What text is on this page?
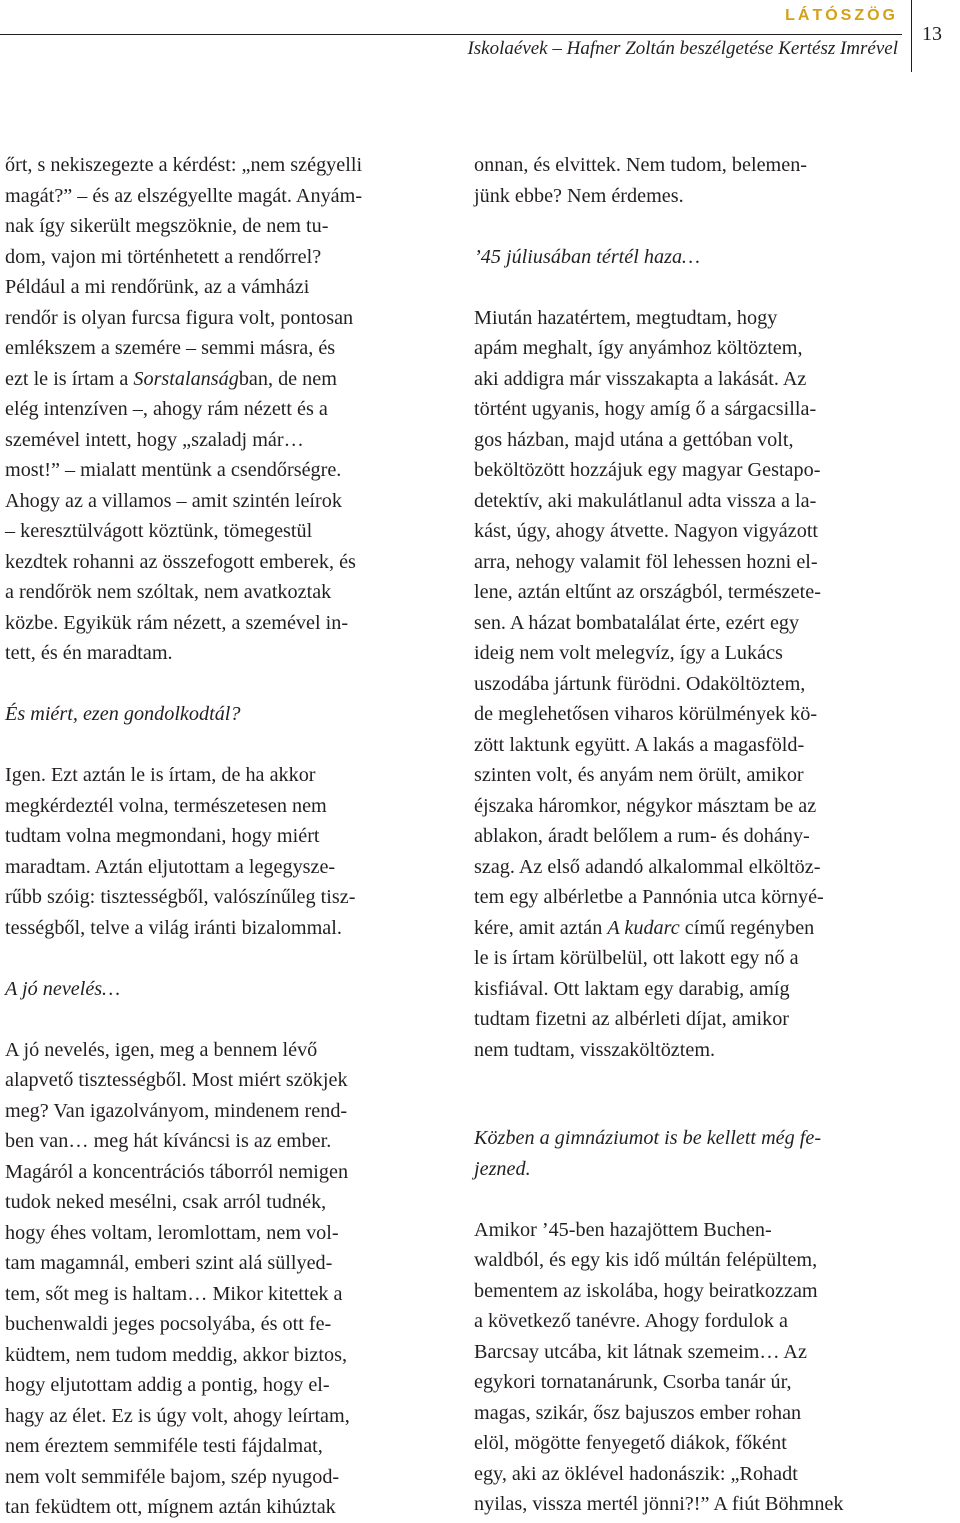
LÁTÓSZÖG
Iskolaévek – Hafner Zoltán beszélgetése Kertész Imrével
13
őrt, s nekiszegezte a kérdést: „nem szégyelli
magát?” – és az elszégyellte magát. Anyám-
nak így sikerült megszöknie, de nem tu-
dom, vajon mi történhetett a rendőrrel?
Például a mi rendőrünk, az a vámházi
rendőr is olyan furcsa figura volt, pontosan
emlékszem a szemére – semmi másra, és
ezt le is írtam a Sorstalanságban, de nem
elég intenzíven –, ahogy rám nézett és a
szemével intett, hogy „szaladj már…
most!” – mialatt mentünk a csendőrségre.
Ahogy az a villamos – amit szintén leírok
– keresztülvágott köztünk, tömegestül
kezdtek rohanni az összefogott emberek, és
a rendőrök nem szóltak, nem avatkoztak
közbe. Egyikük rám nézett, a szemével in-
tett, és én maradtam.

És miért, ezen gondolkodtál?

Igen. Ezt aztán le is írtam, de ha akkor
megkérdeztél volna, természetesen nem
tudtam volna megmondani, hogy miért
maradtam. Aztán eljutottam a legegysze-
rűbb szóig: tisztességből, valószínűleg tisz-
tességből, telve a világ iránti bizalommal.

A jó nevelés…

A jó nevelés, igen, meg a bennem lévő
alapvető tisztességből. Most miért szökjek
meg? Van igazolványom, mindenem rend-
ben van… meg hát kíváncsi is az ember.
Magáról a koncentrációs táborról nemigen
tudok neked mesélni, csak arról tudnék,
hogy éhes voltam, leromlottam, nem vol-
tam magamnál, emberi szint alá süllyed-
tem, sőt meg is haltam… Mikor kitettek a
buchenwaldi jeges pocsolyába, és ott fe-
küdtem, nem tudom meddig, akkor biztos,
hogy eljutottam addig a pontig, hogy el-
hagy az élet. Ez is úgy volt, ahogy leírtam,
nem éreztem semmiféle testi fájdalmat,
nem volt semmiféle bajom, szép nyugod-
tan feküdtem ott, mígnem aztán kihúztak
onnan, és elvittek. Nem tudom, belemen-
jünk ebbe? Nem érdemes.

’45 júliusában tértél haza…

Miután hazatértem, megtudtam, hogy
apám meghalt, így anyámhoz költöztem,
aki addigra már visszakapta a lakását. Az
történt ugyanis, hogy amíg ő a sárgacsilla-
gos házban, majd utána a gettóban volt,
beköltözött hozzájuk egy magyar Gestapo-
detektív, aki makulátlanul adta vissza a la-
kást, úgy, ahogy átvette. Nagyon vigyázott
arra, nehogy valamit föl lehessen hozni el-
lene, aztán eltűnt az országból, természete-
sen. A házat bombatalálat érte, ezért egy
ideig nem volt melegvíz, így a Lukács
uszodába jártunk fürödni. Odaköltöztem,
de meglehetősen viharos körülmények kö-
zött laktunk együtt. A lakás a magasföld-
szinten volt, és anyám nem örült, amikor
éjszaka háromkor, négykor másztam be az
ablakon, áradt belőlem a rum- és dohány-
szag. Az első adandó alkalommal elköltöz-
tem egy albérletbe a Pannónia utca környé-
kére, amit aztán A kudarc című regényben
le is írtam körülbelül, ott lakott egy nő a
kisfiával. Ott laktam egy darabig, amíg
tudtam fizetni az albérleti díjat, amikor
nem tudtam, visszaköltöztem.

Közben a gimnáziumot is be kellett még fe-
jezned.

Amikor ’45-ben hazajöttem Buchen-
waldból, és egy kis idő múltán felépültem,
bementem az iskolába, hogy beiratkozzam
a következő tanévre. Ahogy fordulok a
Barcsay utcába, kit látnak szemeim… Az
egykori tornatanárunk, Csorba tanár úr,
magas, szikár, ősz bajuszos ember rohan
elöl, mögötte fenyegető diákok, főként
egy, aki az öklével hadonászik: „Rohadt
nyilas, vissza mertél jönni?!” A fiút Böhmnek
